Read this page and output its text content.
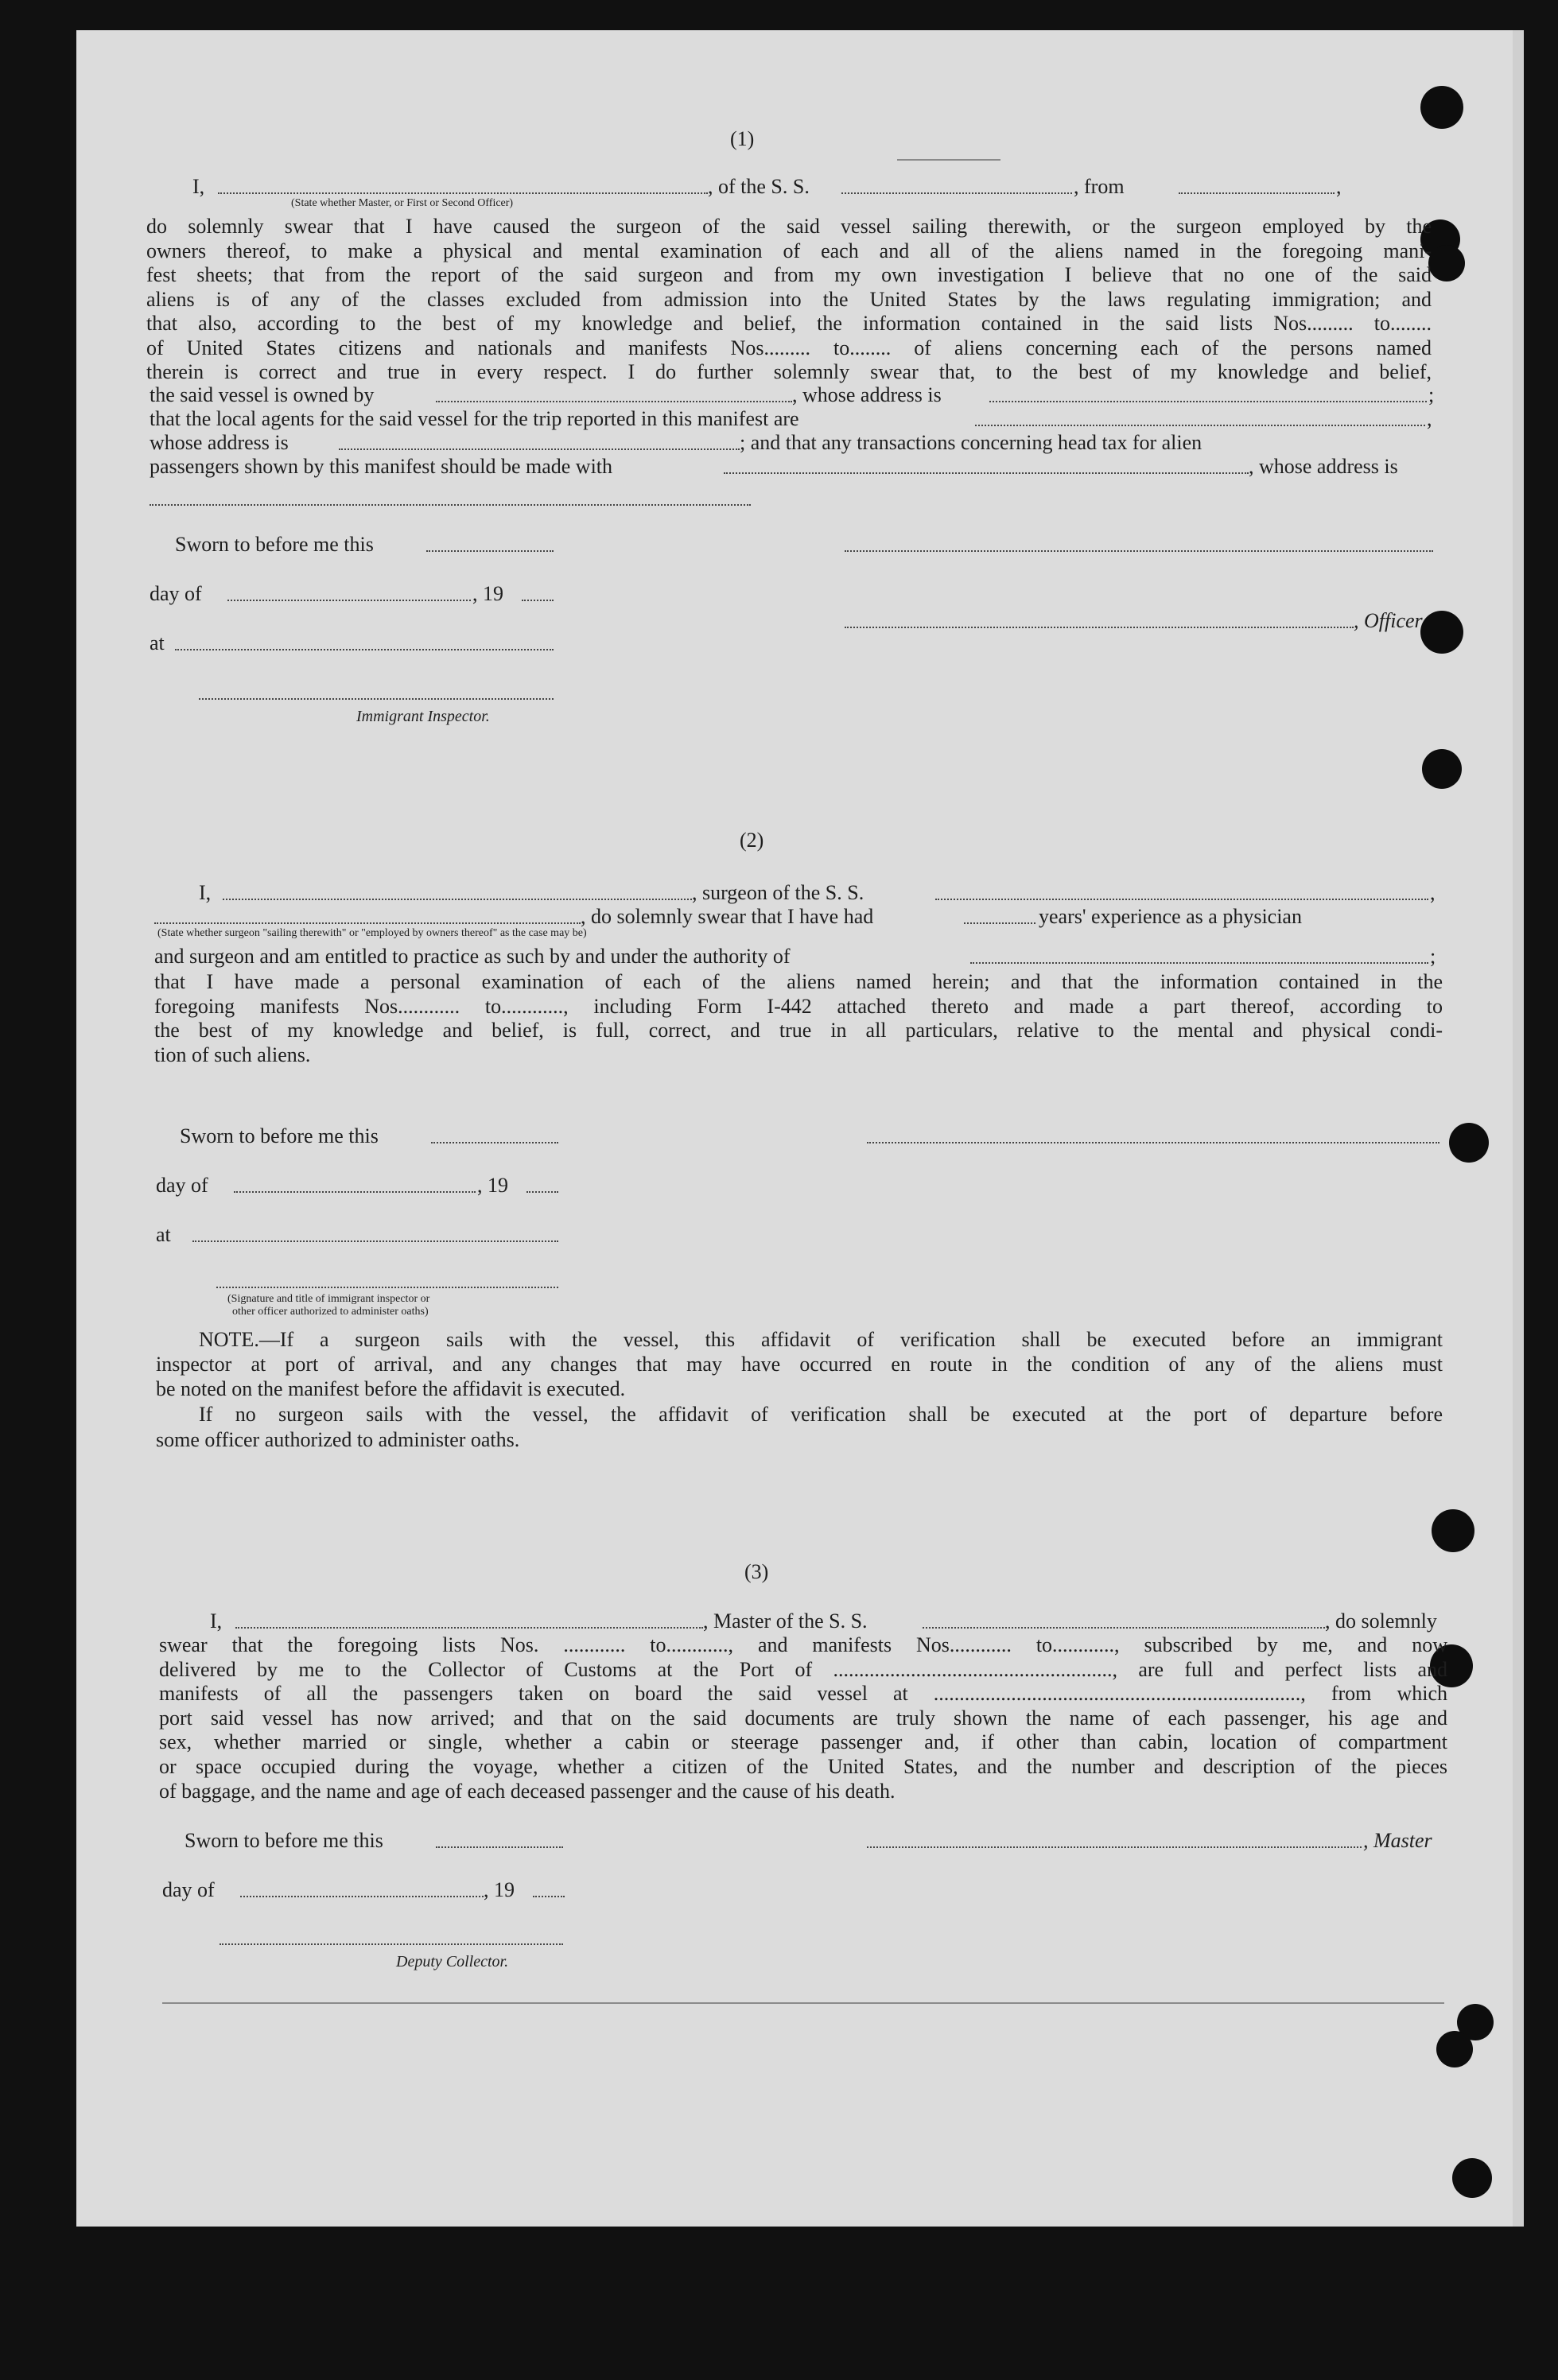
(1)
I,	, of the S. S.	, from	,
(State whether Master, or First or Second Officer)
do solemnly swear that I have caused the surgeon of the said vessel sailing therewith, or the surgeon employed by the
owners thereof, to make a physical and mental examination of each and all of the aliens named in the foregoing mani-
fest sheets; that from the report of the said surgeon and from my own investigation I believe that no one of the said
aliens is of any of the classes excluded from admission into the United States by the laws regulating immigration; and
that also, according to the best of my knowledge and belief, the information contained in the said lists Nos......... to........
of United States citizens and nationals and manifests Nos......... to........ of aliens concerning each of the persons named
therein is correct and true in every respect. I do further solemnly swear that, to the best of my knowledge and belief,
the said vessel is owned by	, whose address is	;
that the local agents for the said vessel for the trip reported in this manifest are	,
whose address is	; and that any transactions concerning head tax for alien
passengers shown by this manifest should be made with	, whose address is
Sworn to before me this
day of	, 19
, Officer
at
Immigrant Inspector.
(2)
I,	, surgeon of the S. S.	,
, do solemnly swear that I have had	years' experience as a physician
(State whether surgeon "sailing therewith" or "employed by owners thereof" as the case may be)
and surgeon and am entitled to practice as such by and under the authority of	;
that I have made a personal examination of each of the aliens named herein; and that the information contained in the
foregoing manifests Nos............ to............, including Form I-442 attached thereto and made a part thereof, according to
the best of my knowledge and belief, is full, correct, and true in all particulars, relative to the mental and physical condi-
tion of such aliens.
Sworn to before me this
day of	, 19
at
(Signature and title of immigrant inspector or
other officer authorized to administer oaths)
NOTE.—If a surgeon sails with the vessel, this affidavit of verification shall be executed before an immigrant
inspector at port of arrival, and any changes that may have occurred en route in the condition of any of the aliens must
be noted on the manifest before the affidavit is executed.
If no surgeon sails with the vessel, the affidavit of verification shall be executed at the port of departure before
some officer authorized to administer oaths.
(3)
I,	, Master of the S. S.	, do solemnly
swear that the foregoing lists Nos. ............ to............, and manifests Nos............ to............, subscribed by me, and now
delivered by me to the Collector of Customs at the Port of ......................................................, are full and perfect lists and
manifests of all the passengers taken on board the said vessel at ......................................................................., from which
port said vessel has now arrived; and that on the said documents are truly shown the name of each passenger, his age and
sex, whether married or single, whether a cabin or steerage passenger and, if other than cabin, location of compartment
or space occupied during the voyage, whether a citizen of the United States, and the number and description of the pieces
of baggage, and the name and age of each deceased passenger and the cause of his death.
Sworn to before me this	, Master
day of	, 19
Deputy Collector.
